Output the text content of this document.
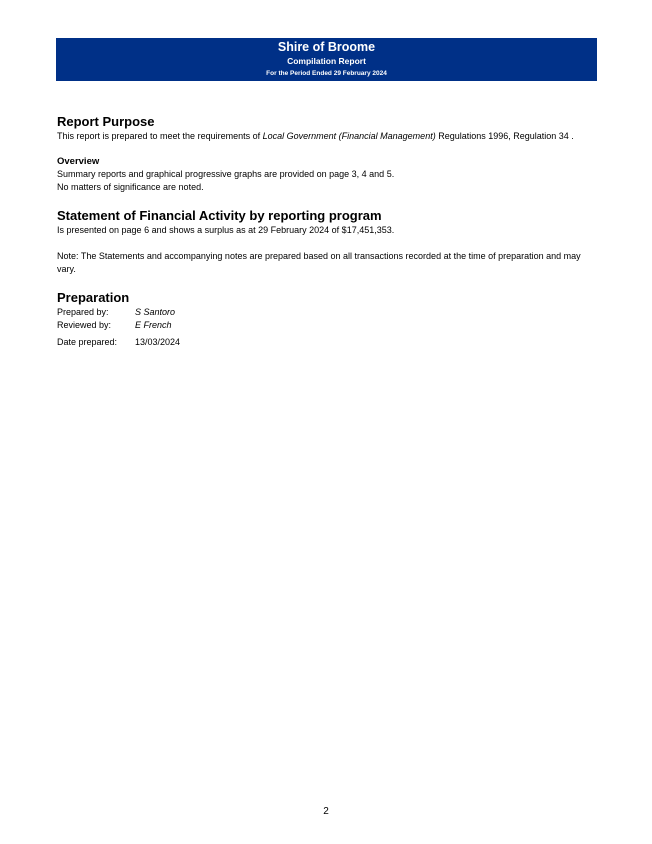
Shire of Broome
Compilation Report
For the Period Ended 29 February 2024
Report Purpose

This report is prepared to meet the requirements of Local Government (Financial Management) Regulations 1996, Regulation 34 .

Overview

Summary reports and graphical progressive graphs are provided on page 3, 4 and 5.

No matters of significance are noted.

Statement of Financial Activity by reporting program

Is presented on page 6 and shows a surplus as at 29 February 2024 of $17,451,353.

Note: The Statements and accompanying notes are prepared based on all transactions recorded at the time of preparation and may vary.

Preparation
Prepared by:	S Santoro
Reviewed by:	E French
Date prepared:	13/03/2024
2
